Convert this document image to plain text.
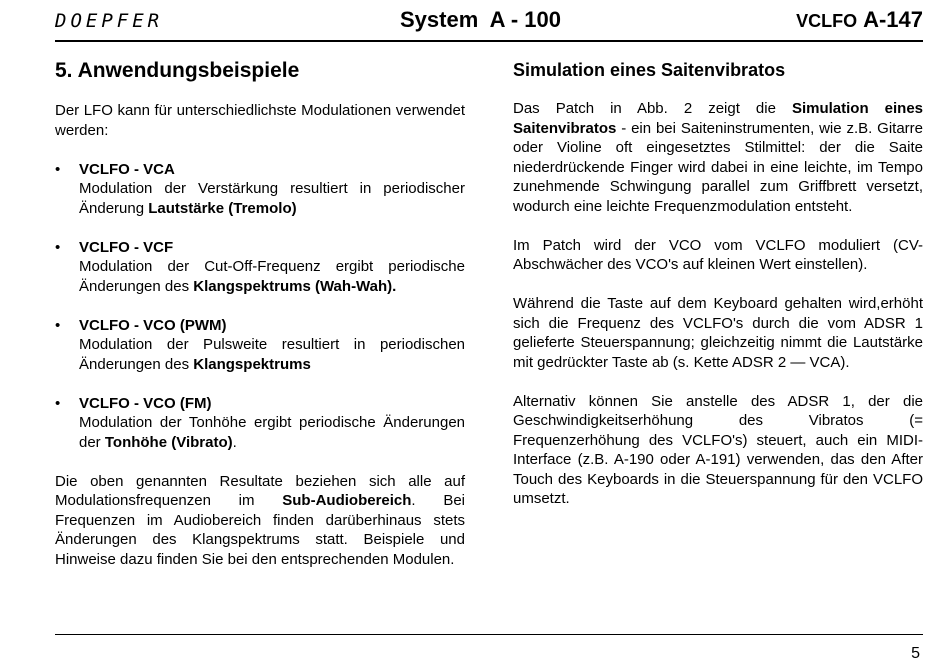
DOEPFER	System  A - 100	VCLFO A-147
5. Anwendungsbeispiele

Der LFO kann für unterschiedlichste Modulationen verwendet werden:

• VCLFO - VCA

Modulation der Verstärkung resultiert in periodischer Änderung Lautstärke (Tremolo)

• VCLFO - VCF

Modulation der Cut-Off-Frequenz ergibt periodische Änderungen des Klangspektrums (Wah-Wah).

• VCLFO - VCO (PWM)

Modulation der Pulsweite resultiert in periodischen Änderungen des Klangspektrums

• VCLFO - VCO (FM)

Modulation der Tonhöhe ergibt periodische Änderungen der Tonhöhe (Vibrato).

Die oben genannten Resultate beziehen sich alle auf Modulationsfrequenzen im Sub-Audiobereich. Bei Frequenzen im Audiobereich finden darüberhinaus stets Änderungen des Klangspektrums statt. Beispiele und Hinweise dazu finden Sie bei den entsprechenden Modulen.

Simulation eines Saitenvibratos

Das Patch in Abb. 2 zeigt die Simulation eines Saitenvibratos - ein bei Saiteninstrumenten, wie z.B. Gitarre oder Violine oft eingesetztes Stilmittel: der die Saite niederdrückende Finger wird dabei in eine leichte, im Tempo zunehmende Schwingung parallel zum Griffbrett versetzt, wodurch eine leichte Frequenzmodulation entsteht.

Im Patch wird der VCO vom VCLFO moduliert (CV-Abschwächer des VCO's auf kleinen Wert einstellen).

Während die Taste auf dem Keyboard gehalten wird,erhöht sich die Frequenz des VCLFO's durch die vom ADSR 1 gelieferte Steuerspannung; gleichzeitig nimmt die Lautstärke mit gedrückter Taste ab (s. Kette ADSR 2 — VCA).

Alternativ können Sie anstelle des ADSR 1, der die Geschwindigkeitserhöhung des Vibratos (= Frequenzerhöhung des VCLFO's) steuert, auch ein MIDI-Interface (z.B. A-190 oder A-191) verwenden, das den After Touch des Keyboards in die Steuerspannung für den VCLFO umsetzt.

5
